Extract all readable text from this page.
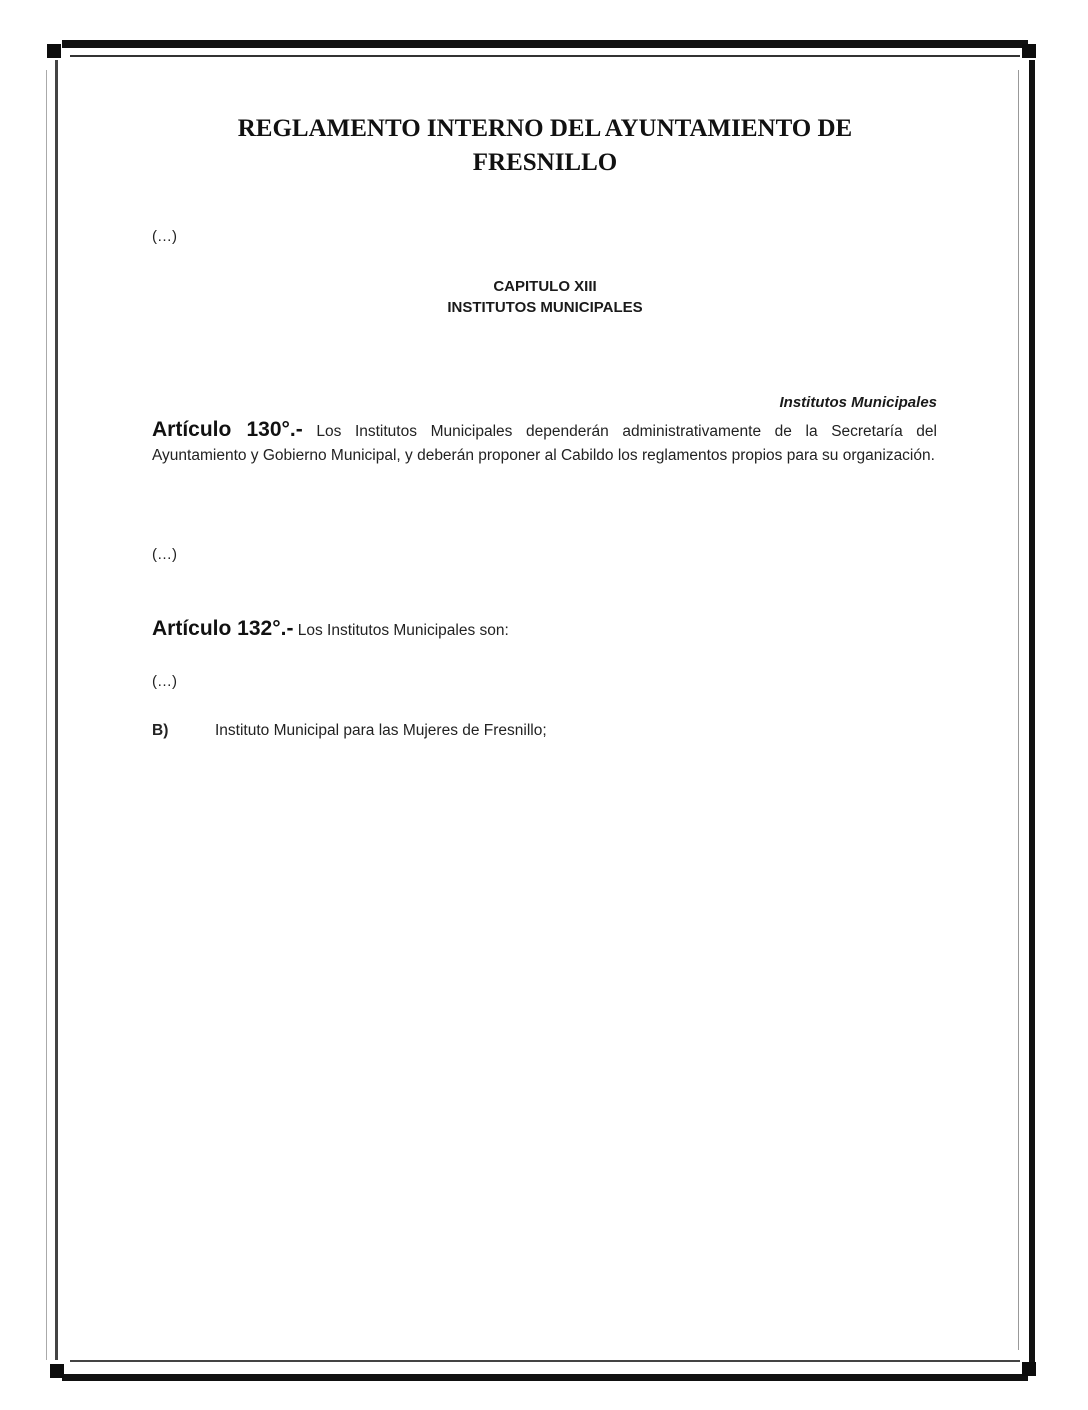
REGLAMENTO INTERNO DEL AYUNTAMIENTO DE
FRESNILLO
(…)
CAPITULO XIII
INSTITUTOS MUNICIPALES
Institutos Municipales

Artículo 130°.- Los Institutos Municipales dependerán administrativamente de la Secretaría del Ayuntamiento y Gobierno Municipal, y deberán proponer al Cabildo los reglamentos propios para su organización.

(…)

Artículo 132°.- Los Institutos Municipales son:

(…)
B)	Instituto Municipal para las Mujeres de Fresnillo;
